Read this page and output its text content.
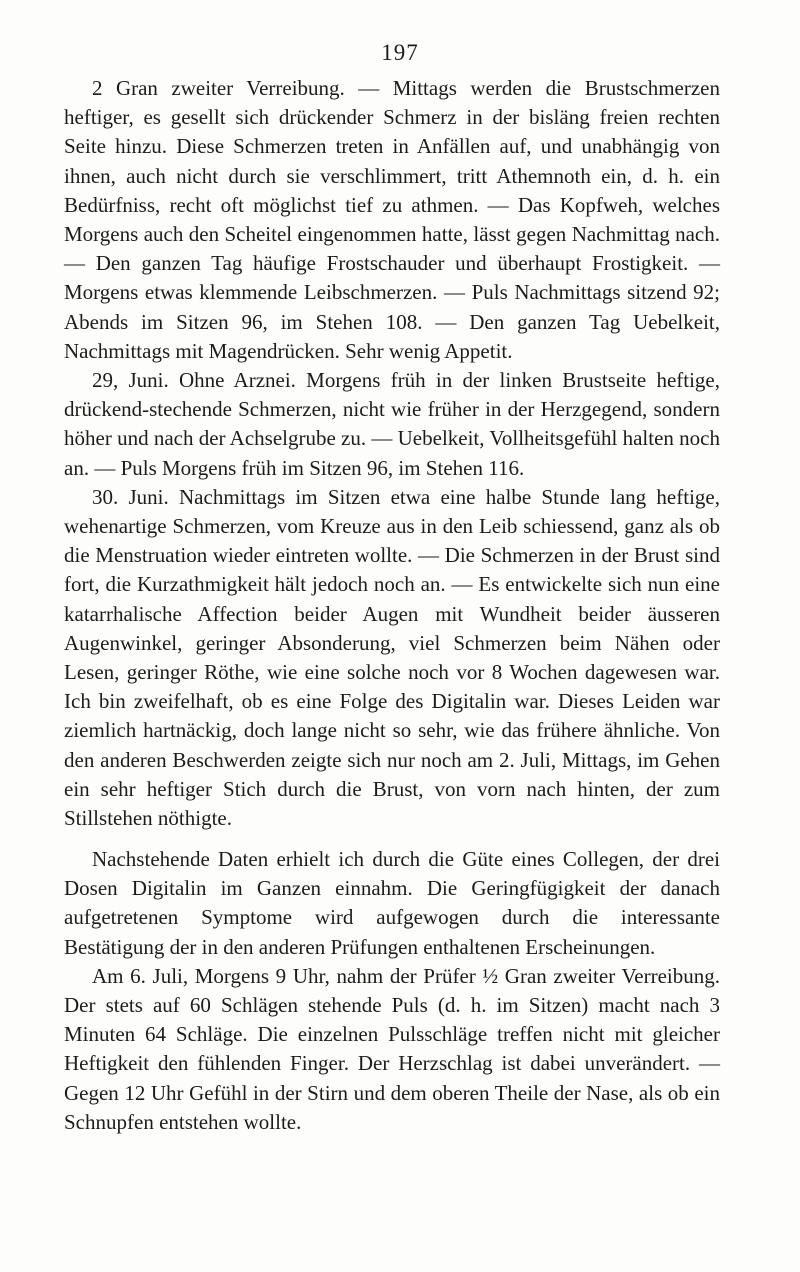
197

2 Gran zweiter Verreibung. — Mittags werden die Brustschmerzen heftiger, es gesellt sich drückender Schmerz in der bisläng freien rechten Seite hinzu. Diese Schmerzen treten in Anfällen auf, und unabhängig von ihnen, auch nicht durch sie verschlimmert, tritt Athemnoth ein, d. h. ein Bedürfniss, recht oft möglichst tief zu athmen. — Das Kopfweh, welches Morgens auch den Scheitel eingenommen hatte, lässt gegen Nachmittag nach. — Den ganzen Tag häufige Frostschauder und überhaupt Frostigkeit. — Morgens etwas klemmende Leibschmerzen. — Puls Nachmittags sitzend 92; Abends im Sitzen 96, im Stehen 108. — Den ganzen Tag Uebelkeit, Nachmittags mit Magendrücken. Sehr wenig Appetit.

29, Juni. Ohne Arznei. Morgens früh in der linken Brustseite heftige, drückend-stechende Schmerzen, nicht wie früher in der Herzgegend, sondern höher und nach der Achselgrube zu. — Uebelkeit, Vollheitsgefühl halten noch an. — Puls Morgens früh im Sitzen 96, im Stehen 116.

30. Juni. Nachmittags im Sitzen etwa eine halbe Stunde lang heftige, wehenartige Schmerzen, vom Kreuze aus in den Leib schiessend, ganz als ob die Menstruation wieder eintreten wollte. — Die Schmerzen in der Brust sind fort, die Kurzathmigkeit hält jedoch noch an. — Es entwickelte sich nun eine katarrhalische Affection beider Augen mit Wundheit beider äusseren Augenwinkel, geringer Absonderung, viel Schmerzen beim Nähen oder Lesen, geringer Röthe, wie eine solche noch vor 8 Wochen dagewesen war. Ich bin zweifelhaft, ob es eine Folge des Digitalin war. Dieses Leiden war ziemlich hartnäckig, doch lange nicht so sehr, wie das frühere ähnliche. Von den anderen Beschwerden zeigte sich nur noch am 2. Juli, Mittags, im Gehen ein sehr heftiger Stich durch die Brust, von vorn nach hinten, der zum Stillstehen nöthigte.

Nachstehende Daten erhielt ich durch die Güte eines Collegen, der drei Dosen Digitalin im Ganzen einnahm. Die Geringfügigkeit der danach aufgetretenen Symptome wird aufgewogen durch die interessante Bestätigung der in den anderen Prüfungen enthaltenen Erscheinungen.

Am 6. Juli, Morgens 9 Uhr, nahm der Prüfer ½ Gran zweiter Verreibung. Der stets auf 60 Schlägen stehende Puls (d. h. im Sitzen) macht nach 3 Minuten 64 Schläge. Die einzelnen Pulsschläge treffen nicht mit gleicher Heftigkeit den fühlenden Finger. Der Herzschlag ist dabei unverändert. — Gegen 12 Uhr Gefühl in der Stirn und dem oberen Theile der Nase, als ob ein Schnupfen entstehen wollte.
